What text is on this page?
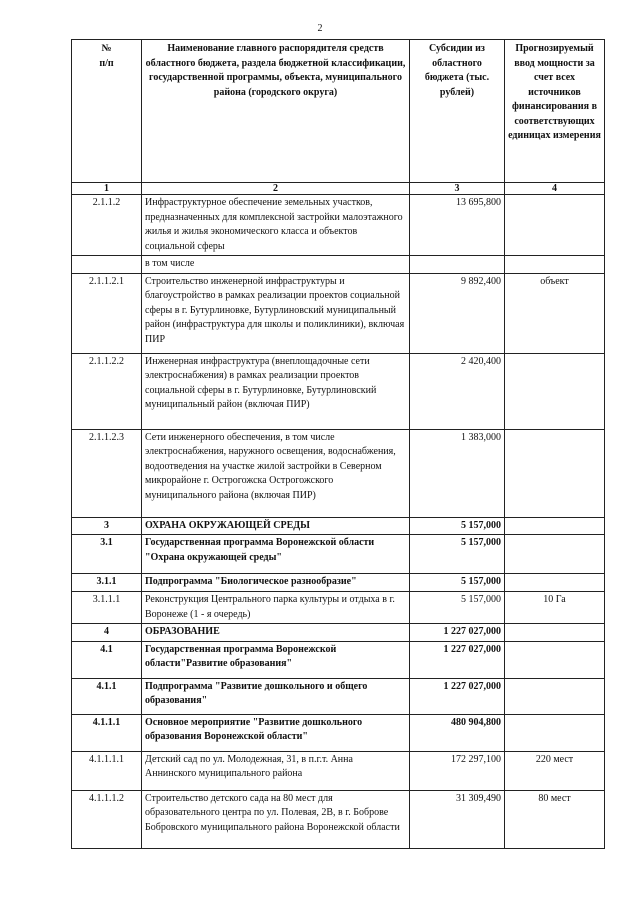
2
№
п/п	Наименование главного распорядителя средств областного бюджета, раздела бюджетной классификации, государственной программы, объекта, муниципального района (городского округа)	Субсидии из областного бюджета (тыс. рублей)	Прогнозируемый ввод мощности за счет всех источников финансирования в соответствующих единицах измерения
1	2	3	4
2.1.1.2	Инфраструктурное обеспечение земельных участков, предназначенных для комплексной застройки малоэтажного жилья и жилья экономического класса и объектов социальной сферы	13 695,800	
	в том числе		
2.1.1.2.1	Строительство инженерной инфраструктуры и благоустройство в рамках реализации проектов социальной сферы в г. Бутурлиновке, Бутурлиновский муниципальный район (инфраструктура для школы и поликлиники), включая ПИР	9 892,400	объект
2.1.1.2.2	Инженерная инфраструктура (внеплощадочные сети электроснабжения) в рамках реализации проектов социальной сферы в г. Бутурлиновке, Бутурлиновский муниципальный район (включая ПИР)	2 420,400	
2.1.1.2.3	Сети инженерного обеспечения, в том числе электроснабжения, наружного освещения, водоснабжения, водоотведения на участке жилой застройки в Северном микрорайоне г. Острогожска Острогожского муниципального района (включая ПИР)	1 383,000	
3	ОХРАНА ОКРУЖАЮЩЕЙ СРЕДЫ	5 157,000	
3.1	Государственная программа Воронежской области "Охрана окружающей среды"	5 157,000	
3.1.1	Подпрограмма "Биологическое разнообразие"	5 157,000	
3.1.1.1	Реконструкция Центрального парка культуры и отдыха в г. Воронеже (1 - я очередь)	5 157,000	10 Га
4	ОБРАЗОВАНИЕ	1 227 027,000	
4.1	Государственная программа Воронежской области"Развитие образования"	1 227 027,000	
4.1.1	Подпрограмма "Развитие дошкольного и общего образования"	1 227 027,000	
4.1.1.1	Основное мероприятие "Развитие дошкольного образования Воронежской области"	480 904,800	
4.1.1.1.1	Детский сад по ул. Молодежная, 31, в п.г.т. Анна Аннинского муниципального района	172 297,100	220 мест
4.1.1.1.2	Строительство детского сада на 80 мест для образовательного центра по ул. Полевая, 2В, в г. Боброве Бобровского муниципального района Воронежской области	31 309,490	80 мест
